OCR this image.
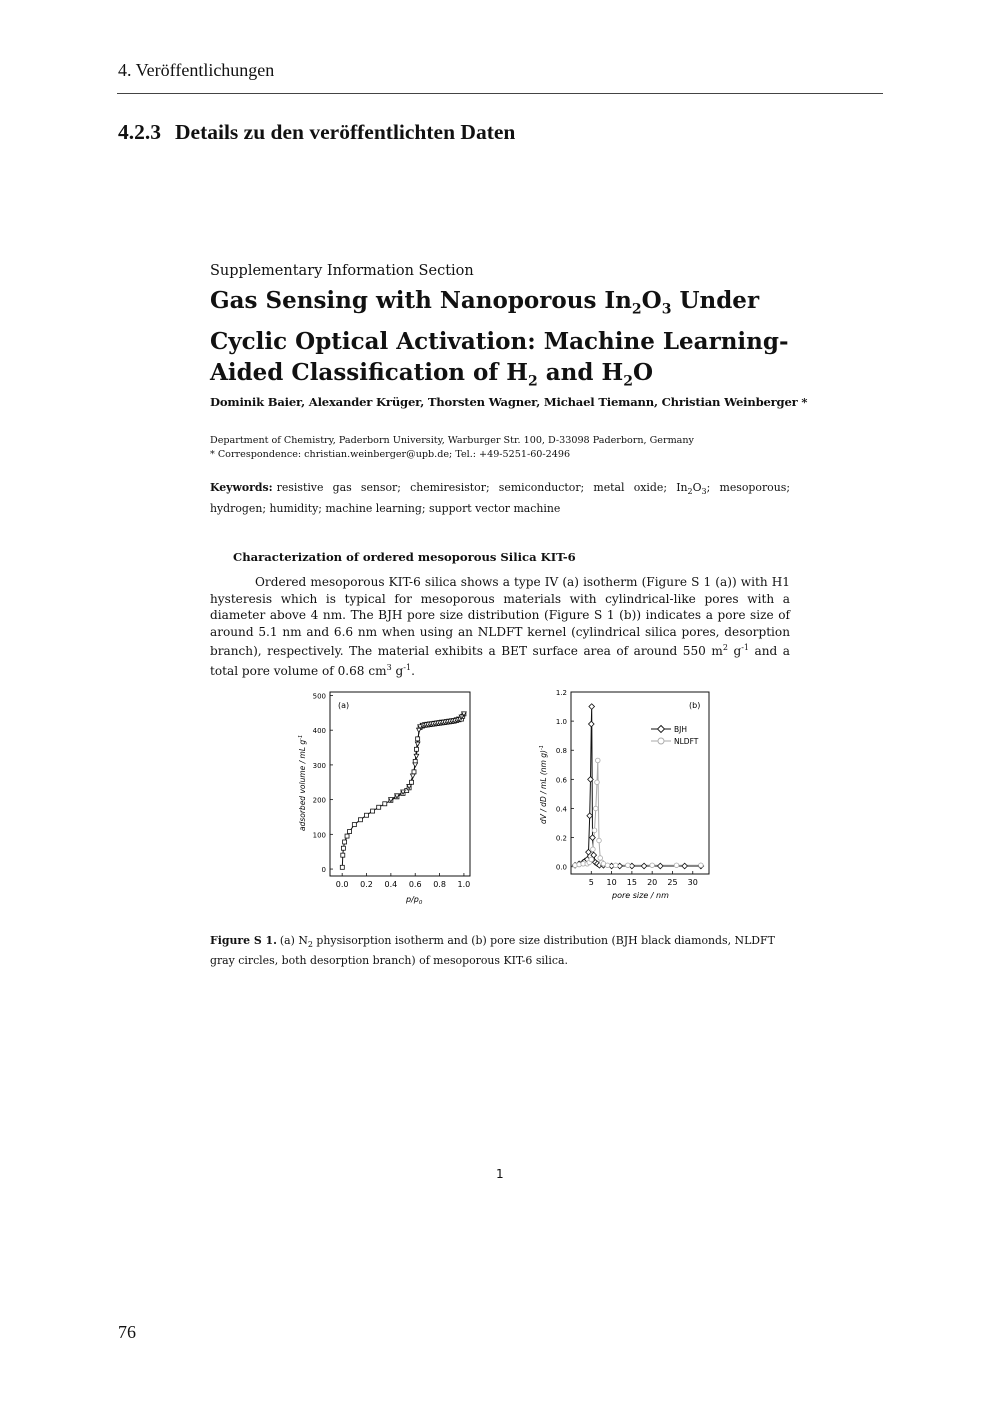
4. Veröffentlichungen
4.2.3 Details zu den veröffentlichten Daten
Supplementary Information Section
Gas Sensing with Nanoporous $In_2O_3$ Under Cyclic Optical Activation: Machine Learning-Aided Classification of $H_2$ and $H_2O$
Dominik Baier, Alexander Krüger, Thorsten Wagner, Michael Tiemann, Christian Weinberger *
Department of Chemistry, Paderborn University, Warburger Str. 100, D-33098 Paderborn, Germany
* Correspondence: christian.weinberger@upb.de; Tel.: +49-5251-60-2496
Keywords: resistive gas sensor; chemiresistor; semiconductor; metal oxide; $In_2O_3$; mesoporous; hydrogen; humidity; machine learning; support vector machine
Characterization of ordered mesoporous Silica KIT-6
Ordered mesoporous KIT-6 silica shows a type IV (a) isotherm (Figure S 1 (a)) with H1 hysteresis which is typical for mesoporous materials with cylindrical-like pores with a diameter above 4 nm. The BJH pore size distribution (Figure S 1 (b)) indicates a pore size of around 5.1 nm and 6.6 nm when using an NLDFT kernel (cylindrical silica pores, desorption branch), respectively. The material exhibits a BET surface area of around 550 $m^2$ $g^{-1}$ and a total pore volume of 0.68 $cm^3$ $g^{-1}$.
0.0 0.2 0.4 0.6 0.8 1.0
0
100
200
300
400
500
(a)
$p/p_0$
adsorbed volume / mL $g^{-1}$
5 10 15 20 25 30
0.0
0.2
0.4
0.6
0.8
1.0
1.2
(b)
BJH
NLDFT
pore size / nm
dV / dD / mL (nm g)$^{-1}$
Figure S 1. (a) $N_2$ physisorption isotherm and (b) pore size distribution (BJH black diamonds, NLDFT gray circles, both desorption branch) of mesoporous KIT-6 silica.
1
76
